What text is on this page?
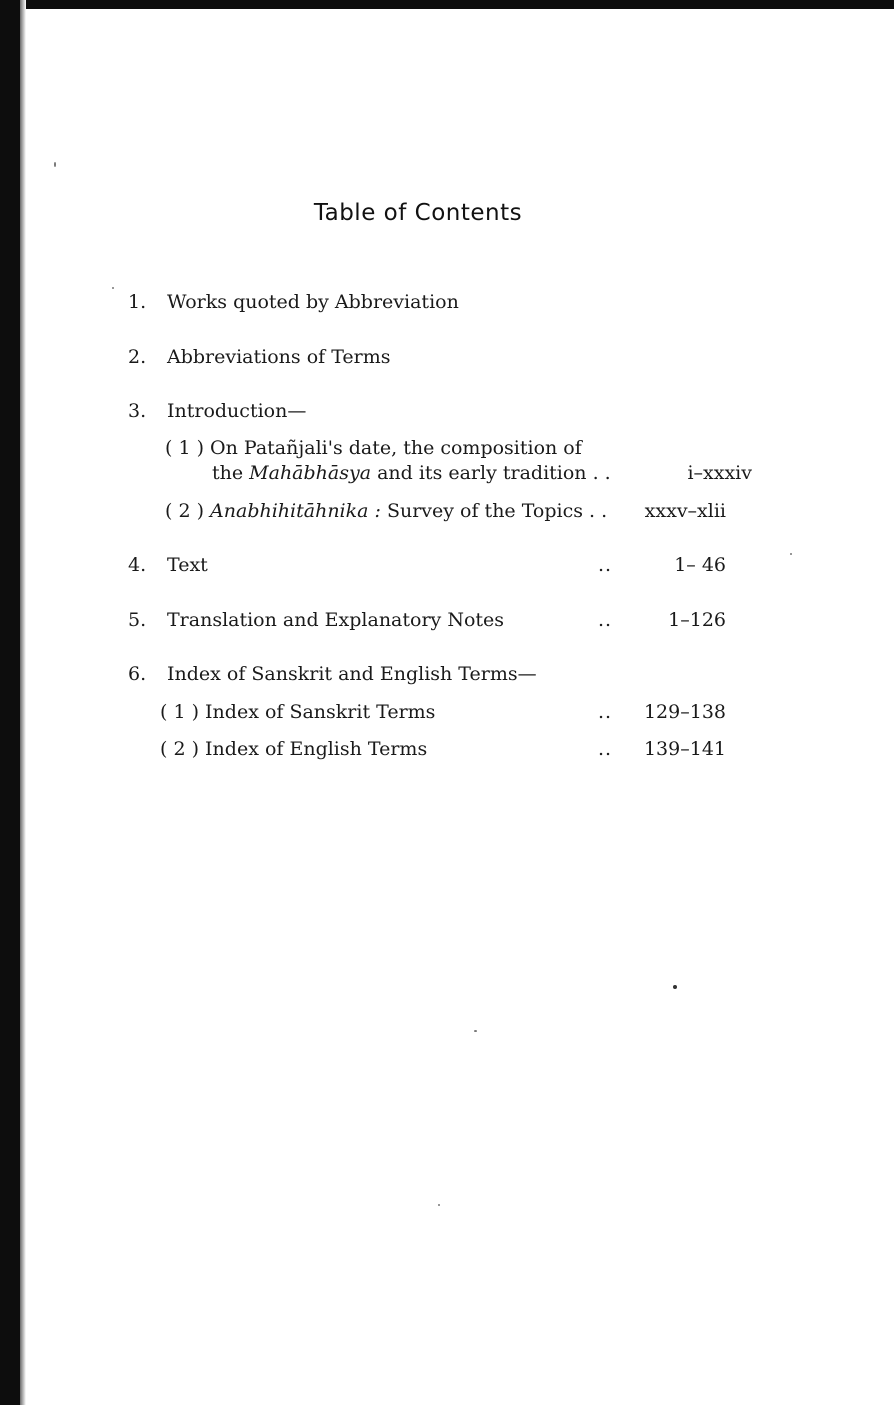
Table of Contents
1. Works quoted by Abbreviation
2. Abbreviations of Terms
3. Introduction—
( 1 ) On Patañjali's date, the composition of
the Mahābhāsya and its early tradition . .	i–xxxiv
( 2 ) Anabhihitāhnika : Survey of the Topics . . xxxv–xlii
4. Text	..	1– 46
5. Translation and Explanatory Notes	..	1–126
6. Index of Sanskrit and English Terms—
( 1 ) Index of Sanskrit Terms	.. 129–138
( 2 ) Index of English Terms	.. 139–141
